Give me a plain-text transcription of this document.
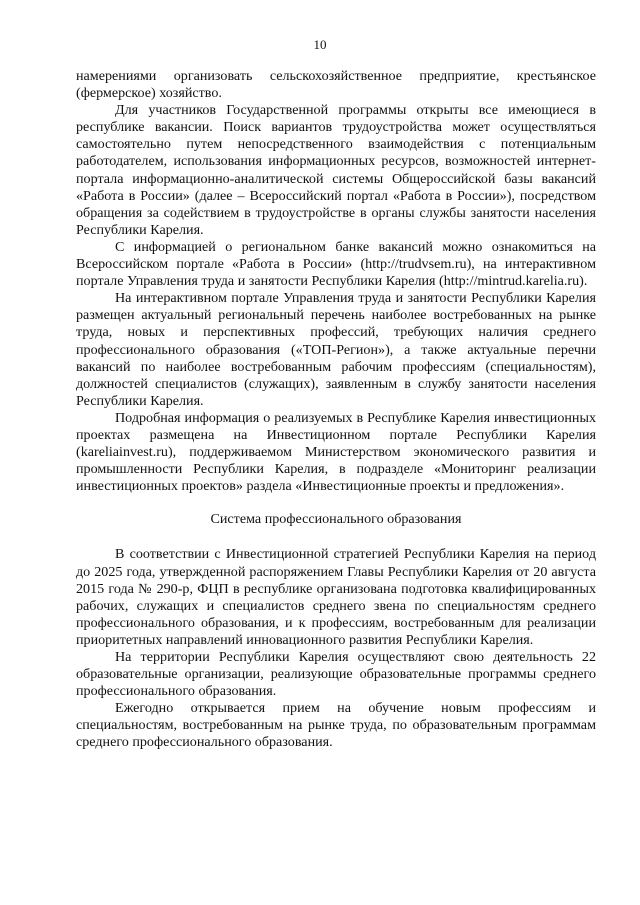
10

намерениями организовать сельскохозяйственное предприятие, крестьянское (фермерское) хозяйство.

Для участников Государственной программы открыты все имеющиеся в республике вакансии. Поиск вариантов трудоустройства может осуществляться самостоятельно путем непосредственного взаимодействия с потенциальным работодателем, использования информационных ресурсов, возможностей интернет-портала информационно-аналитической системы Общероссийской базы вакансий «Работа в России» (далее – Всероссийский портал «Работа в России»), посредством обращения за содействием в трудоустройстве в органы службы занятости населения Республики Карелия.

С информацией о региональном банке вакансий можно ознакомиться на Всероссийском портале «Работа в России» (http://trudvsem.ru), на интерактивном портале Управления труда и занятости Республики Карелия (http://mintrud.karelia.ru).

На интерактивном портале Управления труда и занятости Республики Карелия размещен актуальный региональный перечень наиболее востребованных на рынке труда, новых и перспективных профессий, требующих наличия среднего профессионального образования («ТОП-Регион»), а также актуальные перечни вакансий по наиболее востребованным рабочим профессиям (специальностям), должностей специалистов (служащих), заявленным в службу занятости населения Республики Карелия.

Подробная информация о реализуемых в Республике Карелия инвестиционных проектах размещена на Инвестиционном портале Республики Карелия (kareliainvest.ru), поддерживаемом Министерством экономического развития и промышленности Республики Карелия, в подразделе «Мониторинг реализации инвестиционных проектов» раздела «Инвестиционные проекты и предложения».

Система профессионального образования

В соответствии с Инвестиционной стратегией Республики Карелия на период до 2025 года, утвержденной распоряжением Главы Республики Карелия от 20 августа 2015 года № 290-р, ФЦП в республике организована подготовка квалифицированных рабочих, служащих и специалистов среднего звена по специальностям среднего профессионального образования, и к профессиям, востребованным для реализации приоритетных направлений инновационного развития Республики Карелия.

На территории Республики Карелия осуществляют свою деятельность 22 образовательные организации, реализующие образовательные программы среднего профессионального образования.

Ежегодно открывается прием на обучение новым профессиям и специальностям, востребованным на рынке труда, по образовательным программам среднего профессионального образования.
